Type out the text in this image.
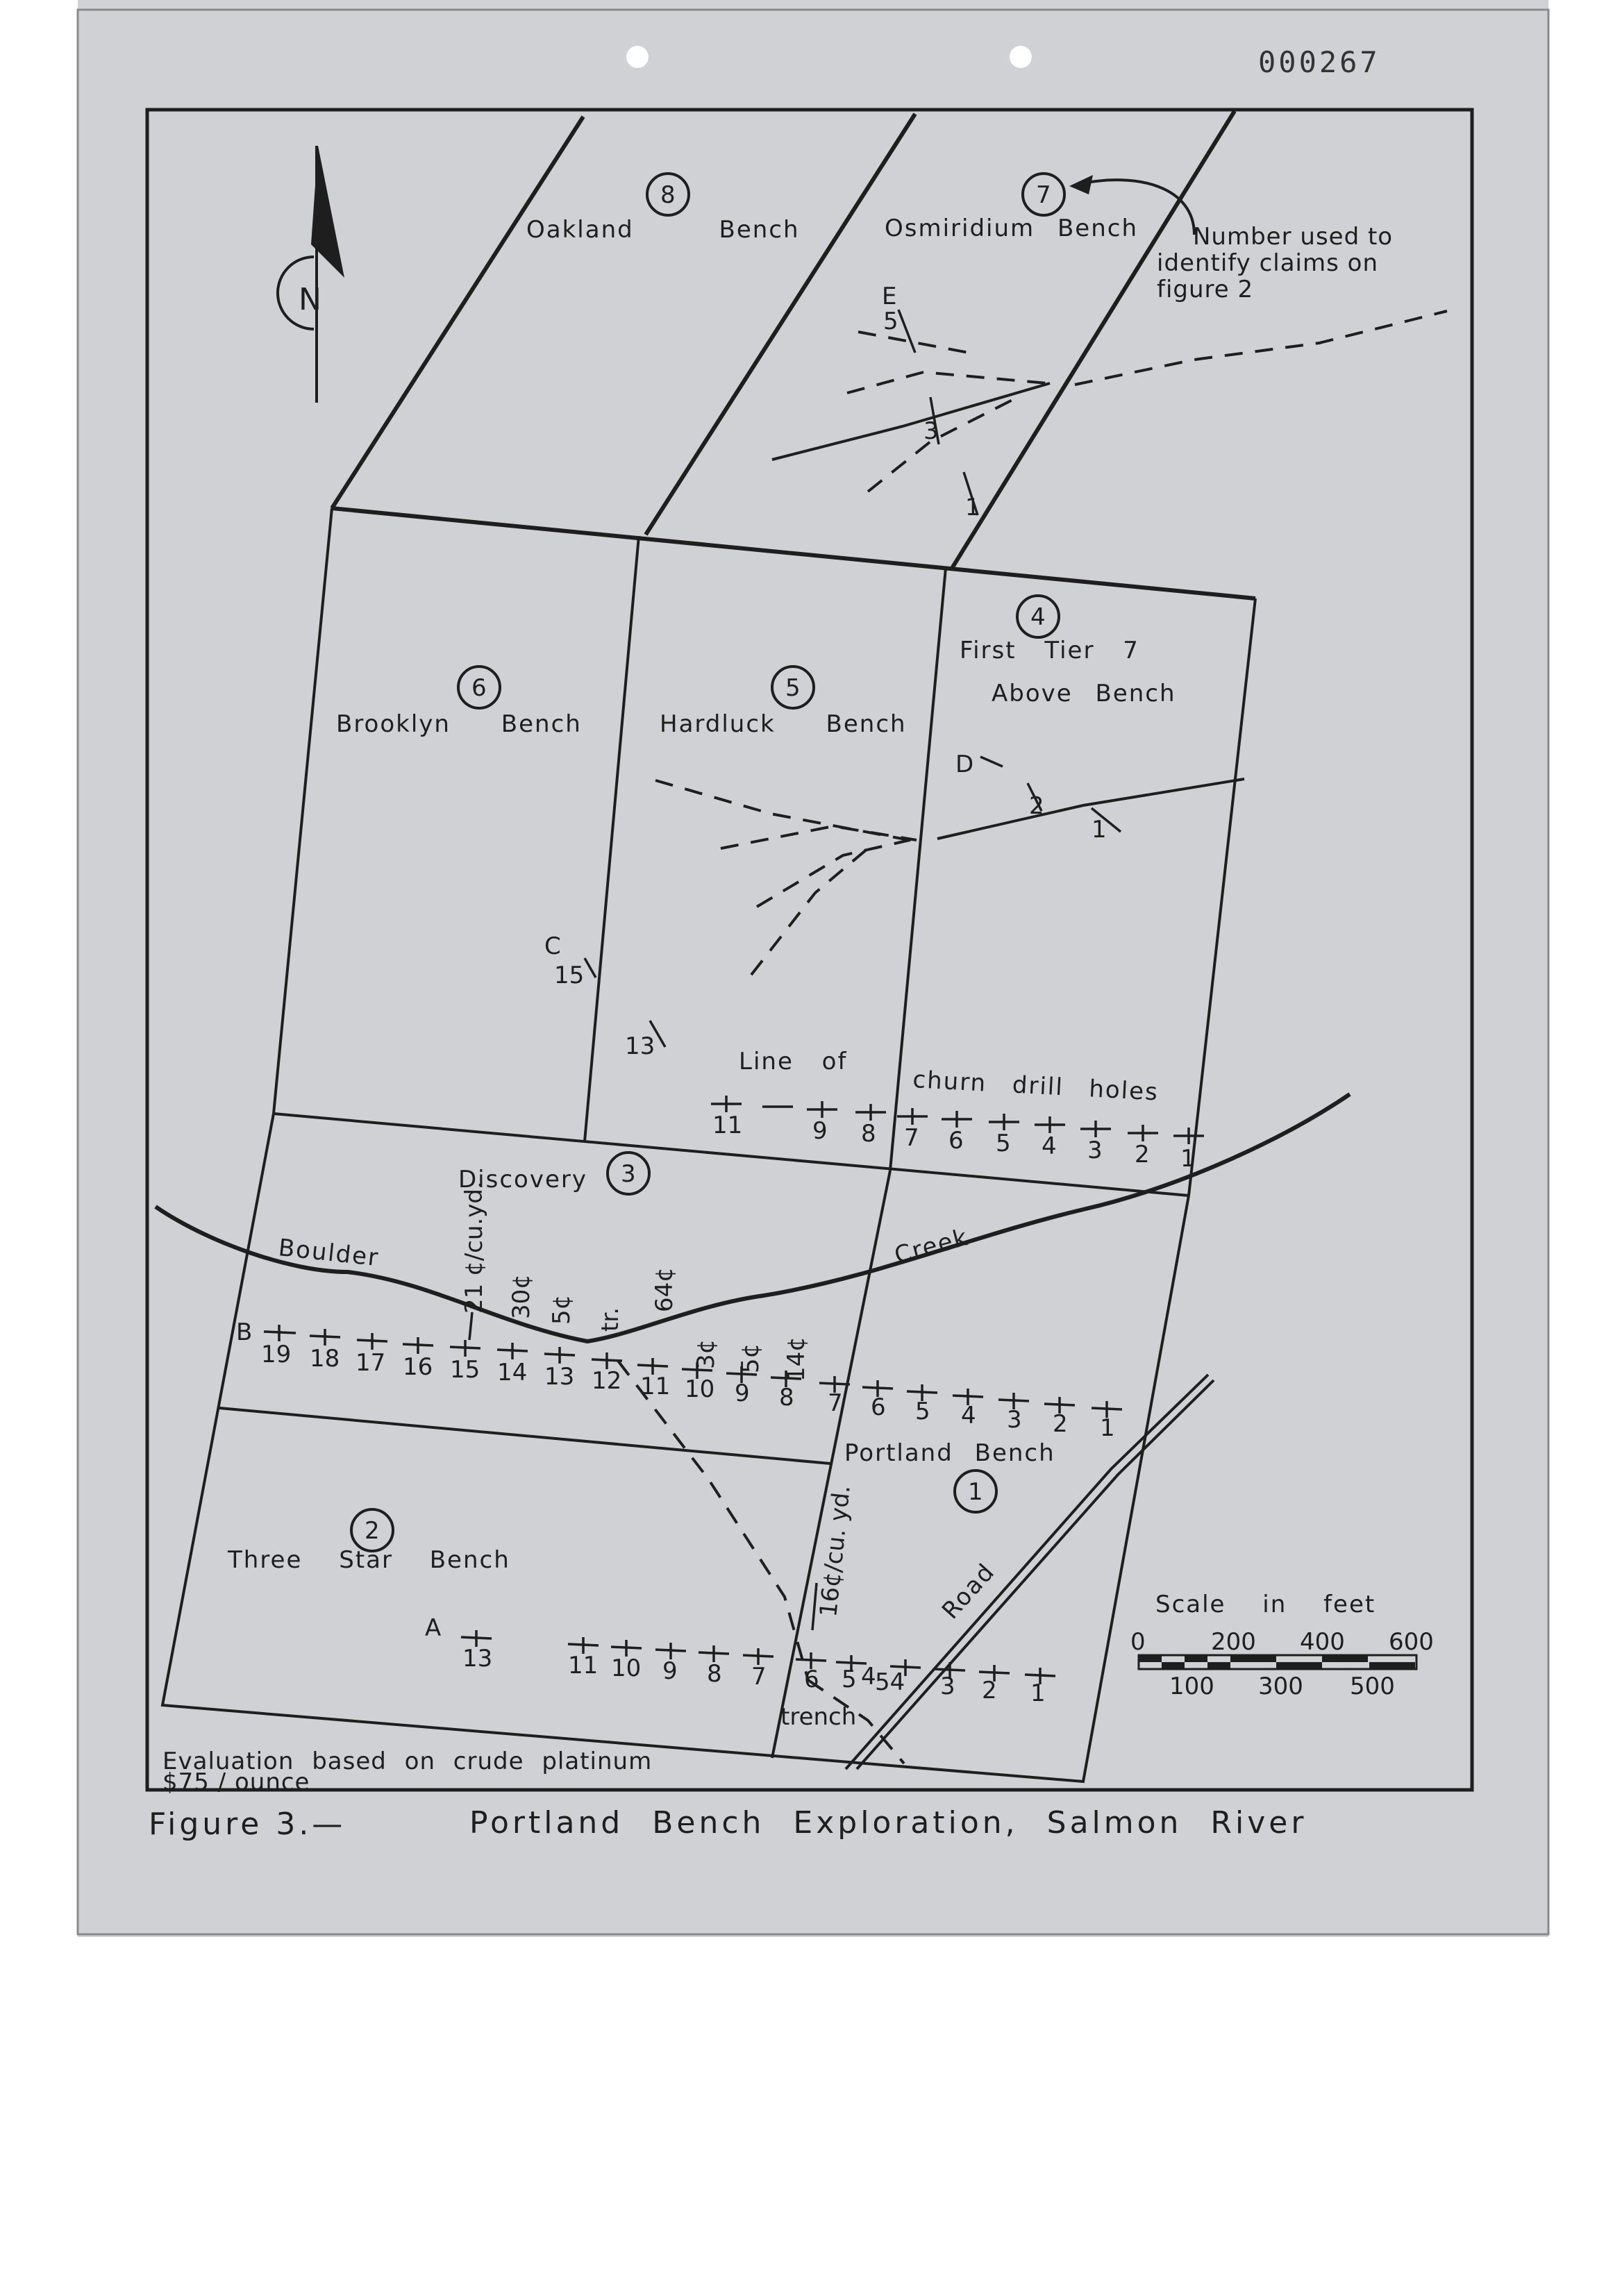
000267
N
1
2
3
4
5
6
7
8
Portland Bench
Three Star Bench
Discovery
First Tier 7
Above Bench
Hardluck Bench
Brooklyn Bench
Osmiridium Bench
Oakland Bench	Number used to
identify claims on
figure 2
Boulder	Creek
Road
trench
Line of
churn drill holes
A
B
C
D
E
19 18 17 16 15 14 13 12 11 10 9 8 7 6 5 4 3 2 1
13	11 10 9 8 7 6 5 4
54 3 2 1
11	9 8 7 6 5 4 3 2 1
15
13
2
1
5
3
1
21 ¢/cu.yd. 30¢ 5¢ tr.
64¢
3¢ 5¢ 14¢
16¢/cu. yd.	Scale in feet
0	200 400 600
100 300 500
Evaluation based on crude platinum
$75 / ounce
Figure 3.—	Portland Bench Exploration, Salmon River
